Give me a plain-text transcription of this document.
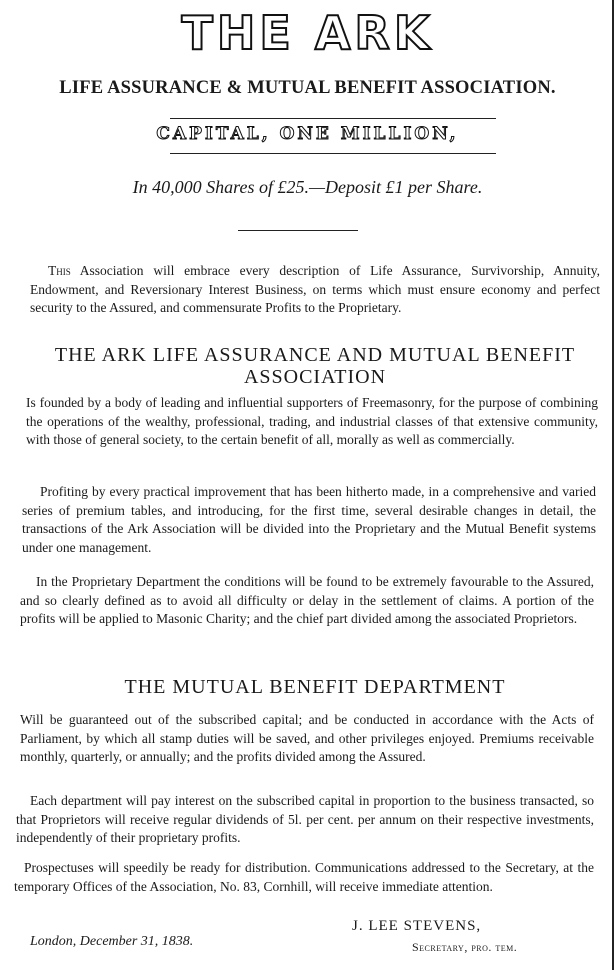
THE ARK
LIFE ASSURANCE & MUTUAL BENEFIT ASSOCIATION.
CAPITAL, ONE MILLION,
In 40,000 Shares of £25.—Deposit £1 per Share.
This Association will embrace every description of Life Assurance, Survivorship, Annuity, Endowment, and Reversionary Interest Business, on terms which must ensure economy and perfect security to the Assured, and commensurate Profits to the Proprietary.
THE ARK LIFE ASSURANCE AND MUTUAL BENEFIT
ASSOCIATION
Is founded by a body of leading and influential supporters of Freemasonry, for the purpose of combining the operations of the wealthy, professional, trading, and industrial classes of that extensive community, with those of general society, to the certain benefit of all, morally as well as commercially.
Profiting by every practical improvement that has been hitherto made, in a comprehensive and varied series of premium tables, and introducing, for the first time, several desirable changes in detail, the transactions of the Ark Association will be divided into the Proprietary and the Mutual Benefit systems under one management.
In the Proprietary Department the conditions will be found to be extremely favourable to the Assured, and so clearly defined as to avoid all difficulty or delay in the settlement of claims. A portion of the profits will be applied to Masonic Charity; and the chief part divided among the associated Proprietors.
THE MUTUAL BENEFIT DEPARTMENT
Will be guaranteed out of the subscribed capital; and be conducted in accordance with the Acts of Parliament, by which all stamp duties will be saved, and other privileges enjoyed. Premiums receivable monthly, quarterly, or annually; and the profits divided among the Assured.
Each department will pay interest on the subscribed capital in proportion to the business transacted, so that Proprietors will receive regular dividends of 5l. per cent. per annum on their respective investments, independently of their proprietary profits.
Prospectuses will speedily be ready for distribution. Communications addressed to the Secretary, at the temporary Offices of the Association, No. 83, Cornhill, will receive immediate attention.
London, December 31, 1838.
J. LEE STEVENS,
Secretary, pro. tem.
